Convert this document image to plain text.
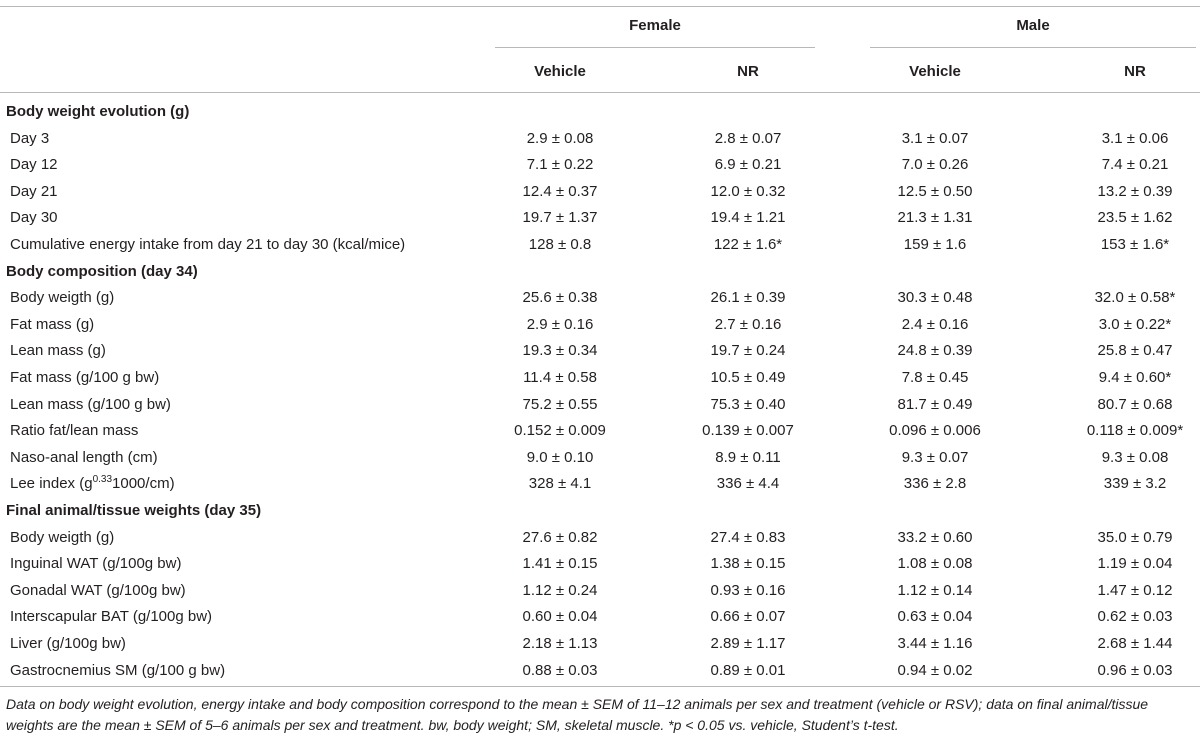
Female	Male
Vehicle	NR	Vehicle	NR
Body weight evolution (g)
Day 3	2.9 ± 0.08	2.8 ± 0.07	3.1 ± 0.07	3.1 ± 0.06
Day 12	7.1 ± 0.22	6.9 ± 0.21	7.0 ± 0.26	7.4 ± 0.21
Day 21	12.4 ± 0.37	12.0 ± 0.32	12.5 ± 0.50	13.2 ± 0.39
Day 30	19.7 ± 1.37	19.4 ± 1.21	21.3 ± 1.31	23.5 ± 1.62
Cumulative energy intake from day 21 to day 30 (kcal/mice)	128 ± 0.8	122 ± 1.6*	159 ± 1.6	153 ± 1.6*
Body composition (day 34)
Body weigth (g)	25.6 ± 0.38	26.1 ± 0.39	30.3 ± 0.48	32.0 ± 0.58*
Fat mass (g)	2.9 ± 0.16	2.7 ± 0.16	2.4 ± 0.16	3.0 ± 0.22*
Lean mass (g)	19.3 ± 0.34	19.7 ± 0.24	24.8 ± 0.39	25.8 ± 0.47
Fat mass (g/100 g bw)	11.4 ± 0.58	10.5 ± 0.49	7.8 ± 0.45	9.4 ± 0.60*
Lean mass (g/100 g bw)	75.2 ± 0.55	75.3 ± 0.40	81.7 ± 0.49	80.7 ± 0.68
Ratio fat/lean mass	0.152 ± 0.009	0.139 ± 0.007	0.096 ± 0.006	0.118 ± 0.009*
Naso-anal length (cm)	9.0 ± 0.10	8.9 ± 0.11	9.3 ± 0.07	9.3 ± 0.08
Lee index $(g^{0.33}1000/cm)$	328 ± 4.1	336 ± 4.4	336 ± 2.8	339 ± 3.2
Final animal/tissue weights (day 35)
Body weigth (g)	27.6 ± 0.82	27.4 ± 0.83	33.2 ± 0.60	35.0 ± 0.79
Inguinal WAT (g/100g bw)	1.41 ± 0.15	1.38 ± 0.15	1.08 ± 0.08	1.19 ± 0.04
Gonadal WAT (g/100g bw)	1.12 ± 0.24	0.93 ± 0.16	1.12 ± 0.14	1.47 ± 0.12
Interscapular BAT (g/100g bw)	0.60 ± 0.04	0.66 ± 0.07	0.63 ± 0.04	0.62 ± 0.03
Liver (g/100g bw)	2.18 ± 1.13	2.89 ± 1.17	3.44 ± 1.16	2.68 ± 1.44
Gastrocnemius SM (g/100 g bw)	0.88 ± 0.03	0.89 ± 0.01	0.94 ± 0.02	0.96 ± 0.03
Data on body weight evolution, energy intake and body composition correspond to the mean ± SEM of 11–12 animals per sex and treatment (vehicle or RSV); data on final animal/tissue weights are the mean ± SEM of 5–6 animals per sex and treatment. bw, body weight; SM, skeletal muscle. *p < 0.05 vs. vehicle, Student’s t-test.
